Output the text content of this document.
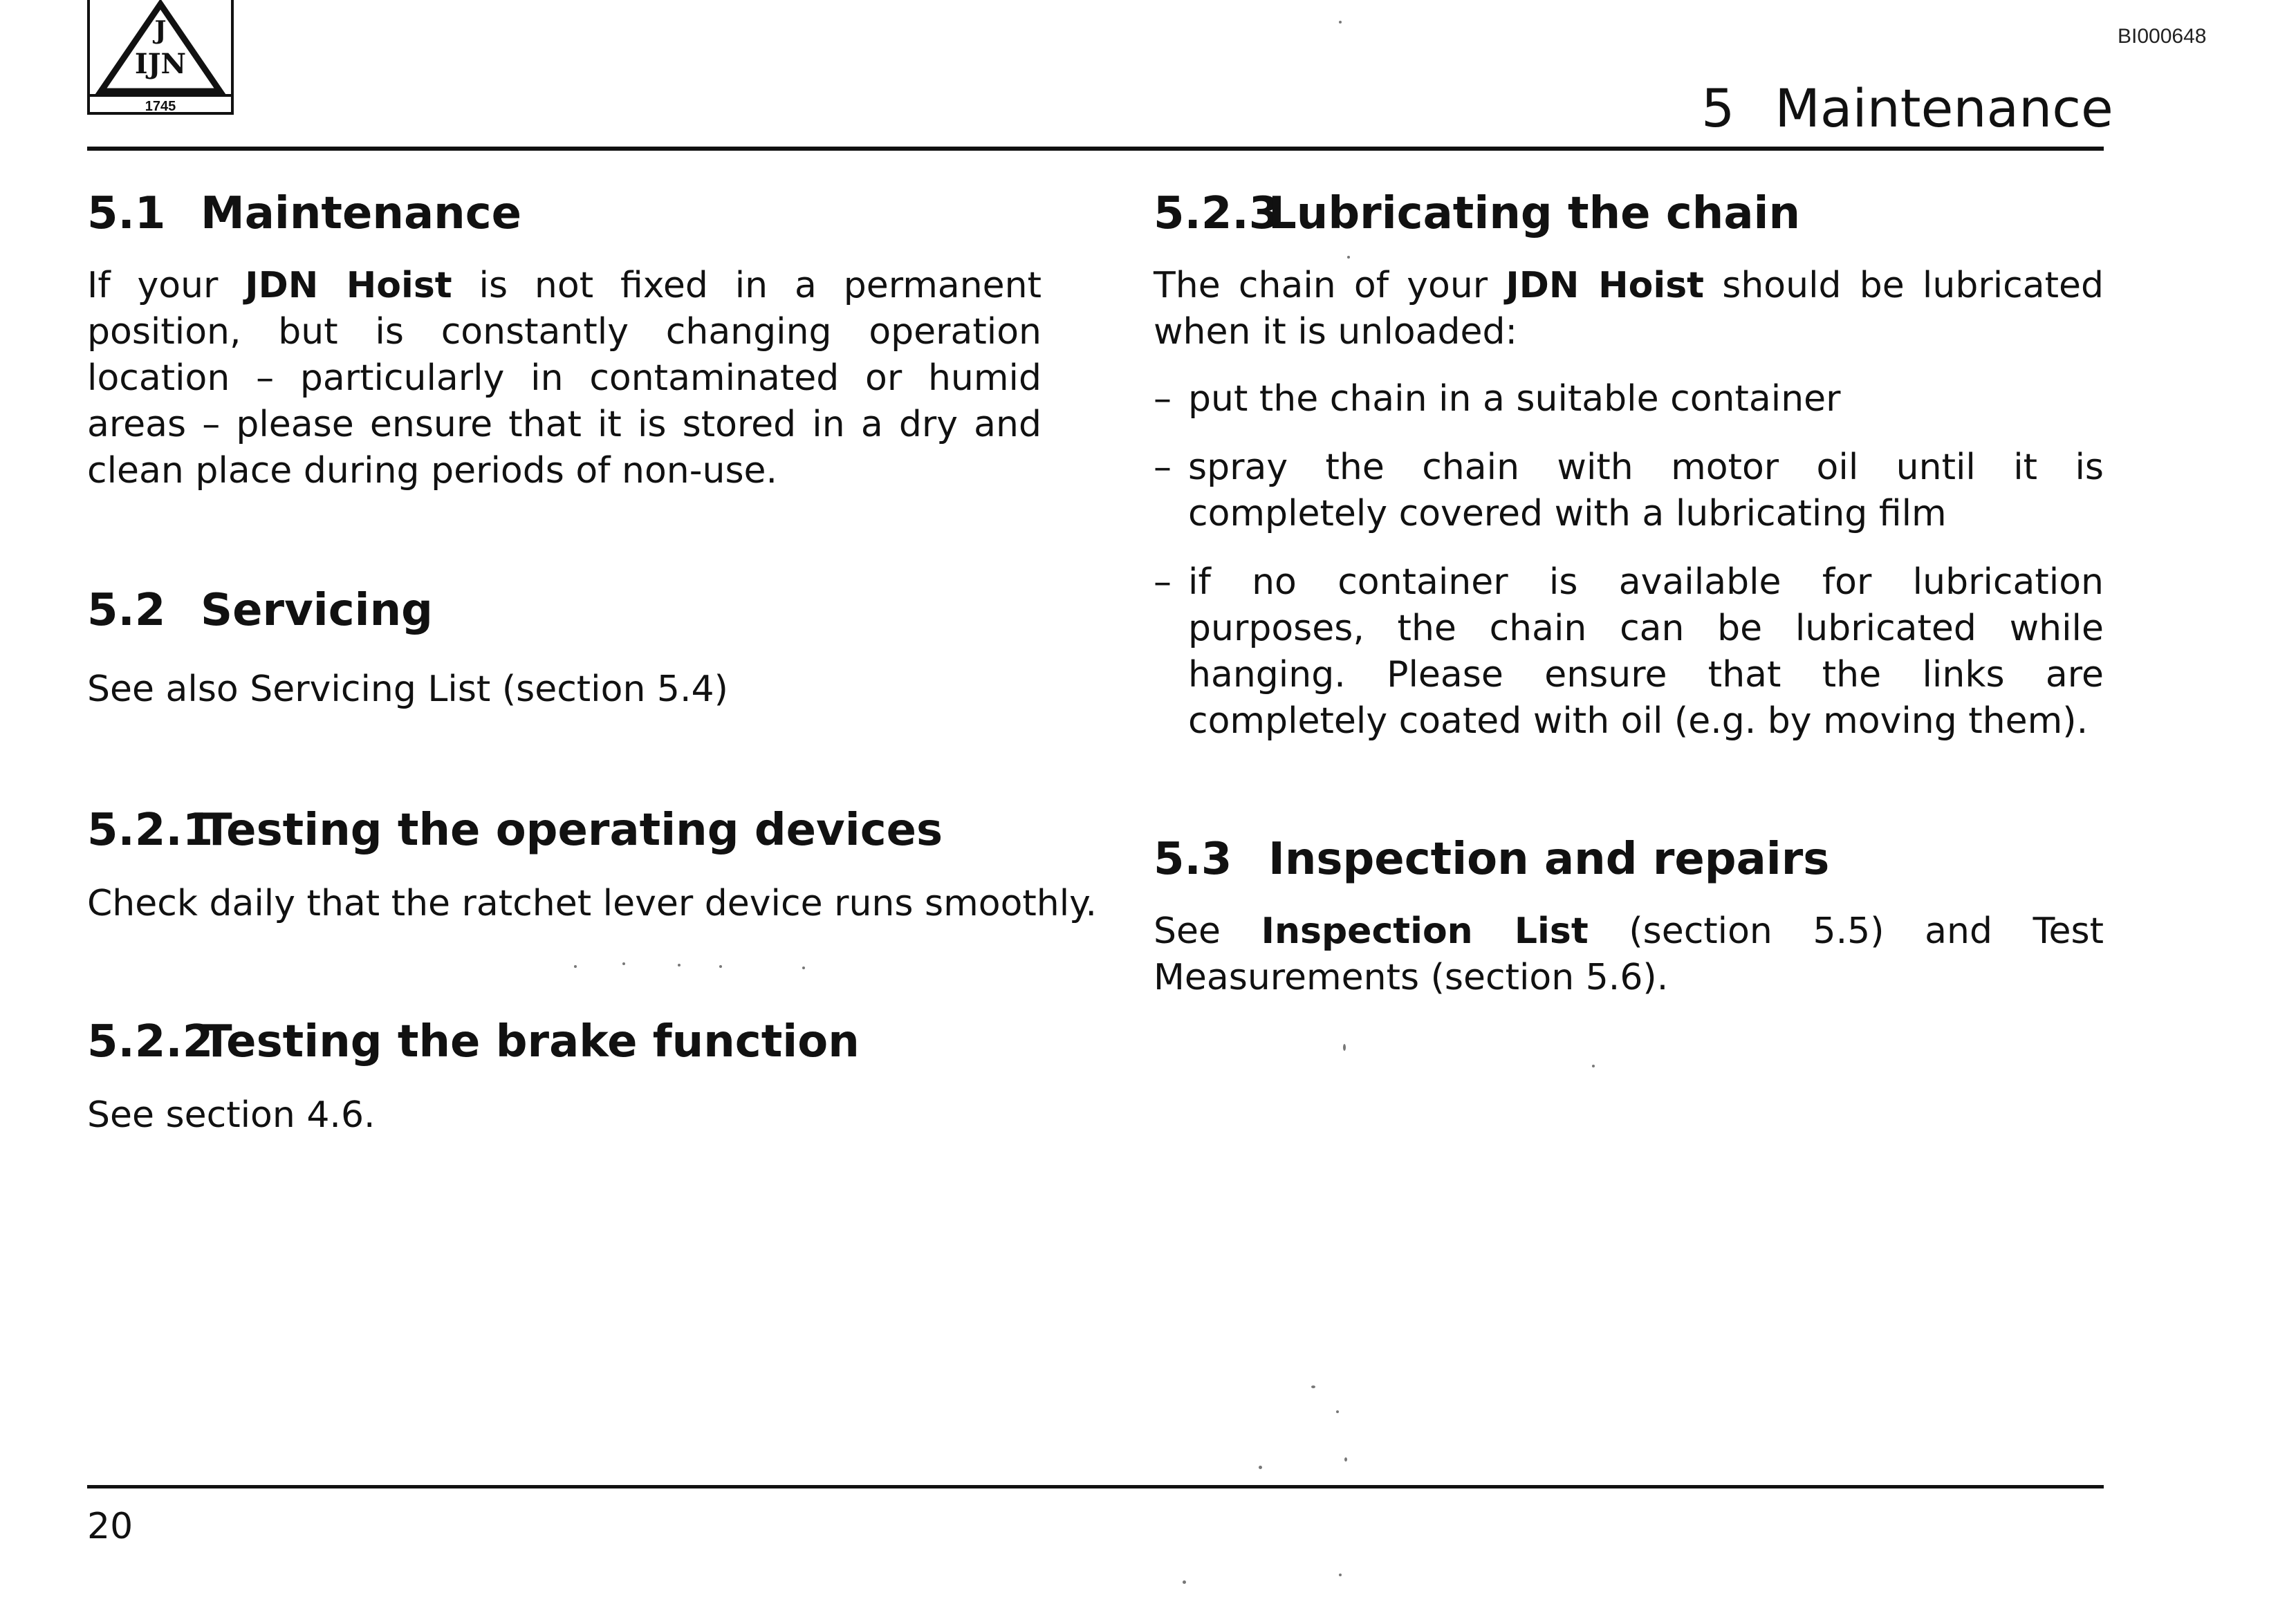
J
IJN
1745
BI000648
5 Maintenance
5.1 Maintenance
If your JDN Hoist is not fixed in a permanent position, but is constantly changing operation location – particularly in contaminated or humid areas – please ensure that it is stored in a dry and clean place during periods of non-use.
5.2 Servicing
See also Servicing List (section 5.4)
5.2.1Testing the operating devices
Check daily that the ratchet lever device runs smoothly.
5.2.2Testing the brake function
See section 4.6.
5.2.3Lubricating the chain
The chain of your JDN Hoist should be lubricated when it is unloaded:
– put the chain in a suitable container
– spray the chain with motor oil until it is completely covered with a lubricating film
– if no container is available for lubrication purposes, the chain can be lubricated while hanging. Please ensure that the links are completely coated with oil (e.g. by moving them).
5.3 Inspection and repairs
See Inspection List (section 5.5) and Test Measurements (section 5.6).
20
